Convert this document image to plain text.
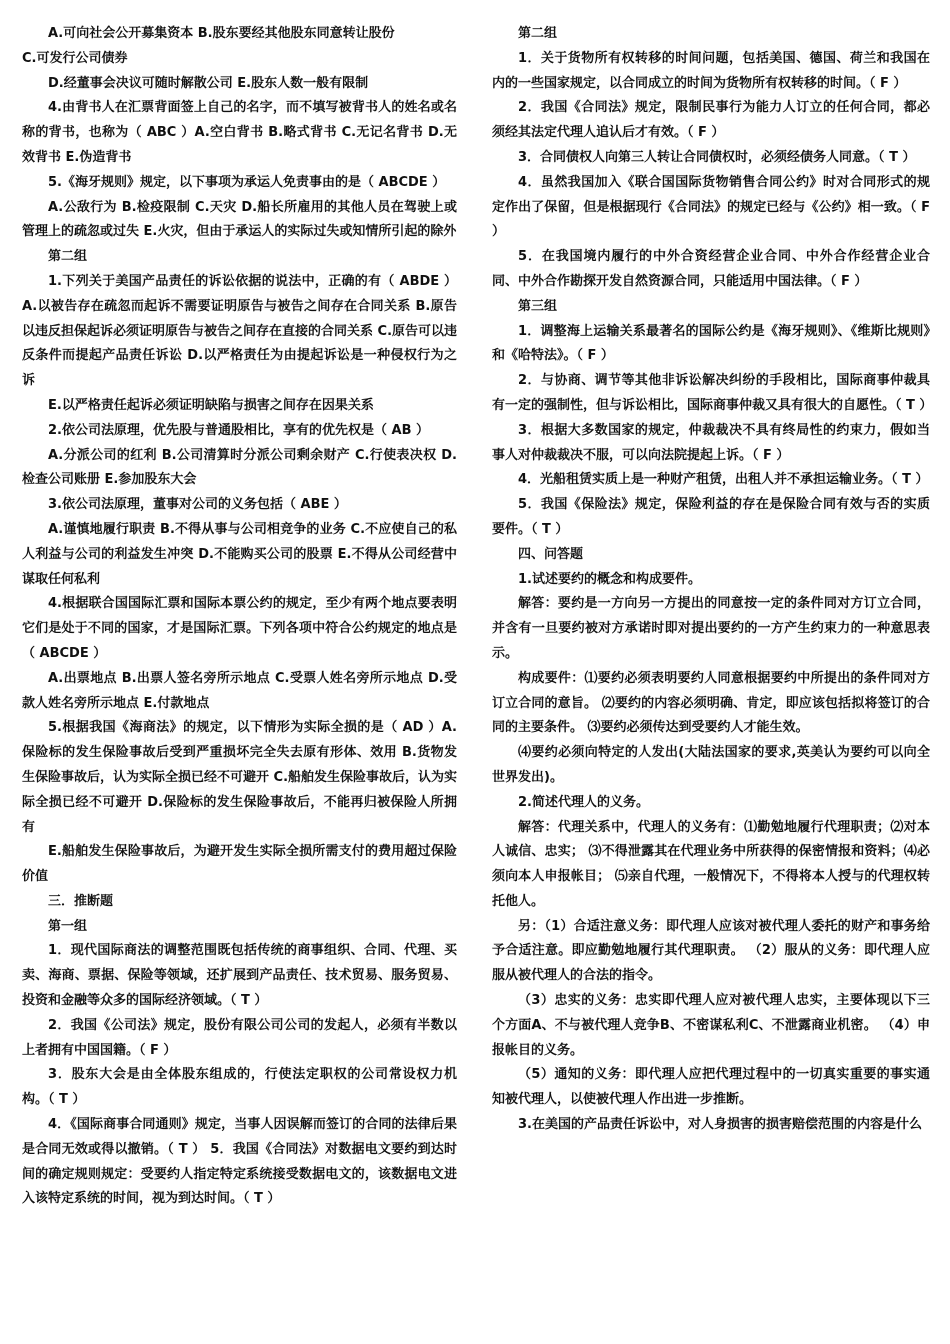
A.可向社会公开募集资本 B.股东要经其他股东同意转让股份

C.可发行公司债券

D.经董事会决议可随时解散公司 E.股东人数一般有限制

4.由背书人在汇票背面签上自己的名字，而不填写被背书人的姓名或名称的背书，也称为（ ABC ）A.空白背书 B.略式背书 C.无记名背书 D.无效背书 E.伪造背书

5.《海牙规则》规定，以下事项为承运人免责事由的是（ ABCDE ）

A.公敌行为 B.检疫限制 C.天灾 D.船长所雇用的其他人员在驾驶上或管理上的疏忽或过失 E.火灾，但由于承运人的实际过失或知情所引起的除外

第二组

1.下列关于美国产品责任的诉讼依据的说法中，正确的有（ ABDE ）A.以被告存在疏忽而起诉不需要证明原告与被告之间存在合同关系 B.原告以违反担保起诉必须证明原告与被告之间存在直接的合同关系 C.原告可以违反条件而提起产品责任诉讼 D.以严格责任为由提起诉讼是一种侵权行为之诉

E.以严格责任起诉必须证明缺陷与损害之间存在因果关系

2.依公司法原理，优先股与普通股相比，享有的优先权是（ AB ）

A.分派公司的红利 B.公司清算时分派公司剩余财产 C.行使表决权 D.检查公司账册 E.参加股东大会

3.依公司法原理，董事对公司的义务包括（ ABE ）

A.谨慎地履行职责 B.不得从事与公司相竞争的业务 C.不应使自己的私人利益与公司的利益发生冲突 D.不能购买公司的股票 E.不得从公司经营中谋取任何私利

4.根据联合国国际汇票和国际本票公约的规定，至少有两个地点要表明它们是处于不同的国家，才是国际汇票。下列各项中符合公约规定的地点是（ ABCDE ）

A.出票地点 B.出票人签名旁所示地点 C.受票人姓名旁所示地点 D.受款人姓名旁所示地点 E.付款地点

5.根据我国《海商法》的规定，以下情形为实际全损的是（ AD ）A.保险标的发生保险事故后受到严重损坏完全失去原有形体、效用 B.货物发生保险事故后，认为实际全损已经不可避开 C.船舶发生保险事故后，认为实际全损已经不可避开 D.保险标的发生保险事故后，不能再归被保险人所拥有

E.船舶发生保险事故后，为避开发生实际全损所需支付的费用超过保险价值

三．推断题

第一组

1．现代国际商法的调整范围既包括传统的商事组织、合同、代理、买卖、海商、票据、保险等领域，还扩展到产品责任、技术贸易、服务贸易、投资和金融等众多的国际经济领域。（ T ）

2．我国《公司法》规定，股份有限公司公司的发起人，必须有半数以上者拥有中国国籍。（ F ）

3．股东大会是由全体股东组成的，行使法定职权的公司常设权力机构。（ T ）

4．《国际商事合同通则》规定，当事人因误解而签订的合同的法律后果是合同无效或得以撤销。（ T ） 5．我国《合同法》对数据电文要约到达时间的确定规则规定：受要约人指定特定系统接受数据电文的，该数据电文进入该特定系统的时间，视为到达时间。（ T ）

第二组

1．关于货物所有权转移的时间问题，包括美国、德国、荷兰和我国在内的一些国家规定，以合同成立的时间为货物所有权转移的时间。（ F ）

2．我国《合同法》规定，限制民事行为能力人订立的任何合同，都必须经其法定代理人追认后才有效。（ F ）

3．合同债权人向第三人转让合同债权时，必须经债务人同意。（ T ）

4．虽然我国加入《联合国国际货物销售合同公约》时对合同形式的规定作出了保留，但是根据现行《合同法》的规定已经与《公约》相一致。（ F ）

5．在我国境内履行的中外合资经营企业合同、中外合作经营企业合同、中外合作勘探开发自然资源合同，只能适用中国法律。（ F ）

第三组

1．调整海上运输关系最著名的国际公约是《海牙规则》、《维斯比规则》和《哈特法》。（ F ）

2．与协商、调节等其他非诉讼解决纠纷的手段相比，国际商事仲裁具有一定的强制性，但与诉讼相比，国际商事仲裁又具有很大的自愿性。（ T ）

3．根据大多数国家的规定，仲裁裁决不具有终局性的约束力，假如当事人对仲裁裁决不服，可以向法院提起上诉。（ F ）

4．光船租赁实质上是一种财产租赁，出租人并不承担运输业务。（ T ）

5．我国《保险法》规定，保险利益的存在是保险合同有效与否的实质要件。（ T ）

四、问答题

1.试述要约的概念和构成要件。

解答：要约是一方向另一方提出的同意按一定的条件同对方订立合同，并含有一旦要约被对方承诺时即对提出要约的一方产生约束力的一种意思表示。

构成要件：⑴要约必须表明要约人同意根据要约中所提出的条件同对方订立合同的意旨。 ⑵要约的内容必须明确、肯定，即应该包括拟将签订的合同的主要条件。 ⑶要约必须传达到受要约人才能生效。

⑷要约必须向特定的人发出(大陆法国家的要求,英美认为要约可以向全世界发出)。

2.简述代理人的义务。

解答：代理关系中，代理人的义务有：⑴勤勉地履行代理职责；⑵对本人诚信、忠实； ⑶不得泄露其在代理业务中所获得的保密情报和资料；⑷必须向本人申报帐目； ⑸亲自代理，一般情况下，不得将本人授与的代理权转托他人。

另：（1）合适注意义务：即代理人应该对被代理人委托的财产和事务给予合适注意。即应勤勉地履行其代理职责。 （2）服从的义务：即代理人应服从被代理人的合法的指令。

（3）忠实的义务：忠实即代理人应对被代理人忠实，主要体现以下三个方面A、不与被代理人竞争B、不密谋私利C、不泄露商业机密。 （4）申报帐目的义务。

（5）通知的义务：即代理人应把代理过程中的一切真实重要的事实通知被代理人，以使被代理人作出进一步推断。

3.在美国的产品责任诉讼中，对人身损害的损害赔偿范围的内容是什么
